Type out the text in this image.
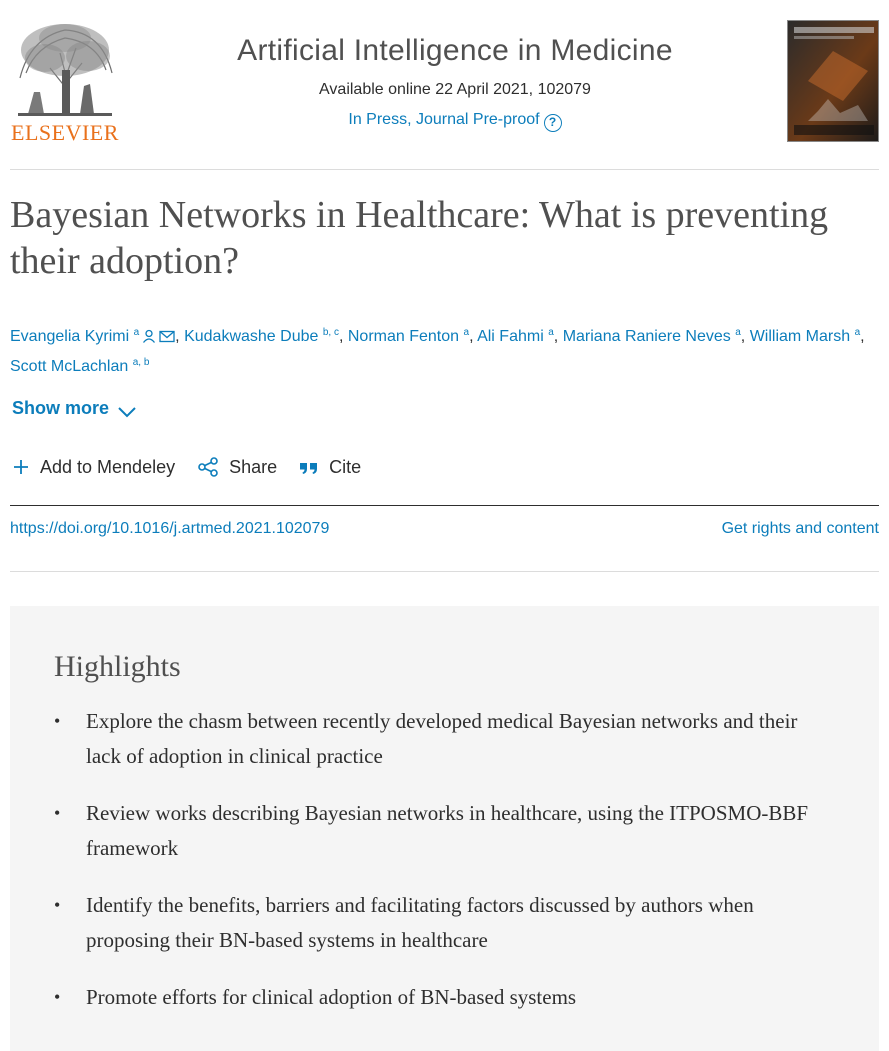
ELSEVIER
Artificial Intelligence in Medicine
Available online 22 April 2021, 102079
In Press, Journal Pre-proof ?
Bayesian Networks in Healthcare: What is preventing their adoption?
Evangelia Kyrimi $^a$ , Kudakwashe Dube $^{b, c}$, Norman Fenton $^a$, Ali Fahmi $^a$, Mariana Raniere Neves $^a$, William Marsh $^a$, Scott McLachlan $^{a, b}$
Show more
Add to Mendeley	Share	Cite
https://doi.org/10.1016/j.artmed.2021.102079	Get rights and content
Highlights
• Explore the chasm between recently developed medical Bayesian networks and their lack of adoption in clinical practice
• Review works describing Bayesian networks in healthcare, using the ITPOSMO-BBF framework
• Identify the benefits, barriers and facilitating factors discussed by authors when proposing their BN-based systems in healthcare
• Promote efforts for clinical adoption of BN-based systems
